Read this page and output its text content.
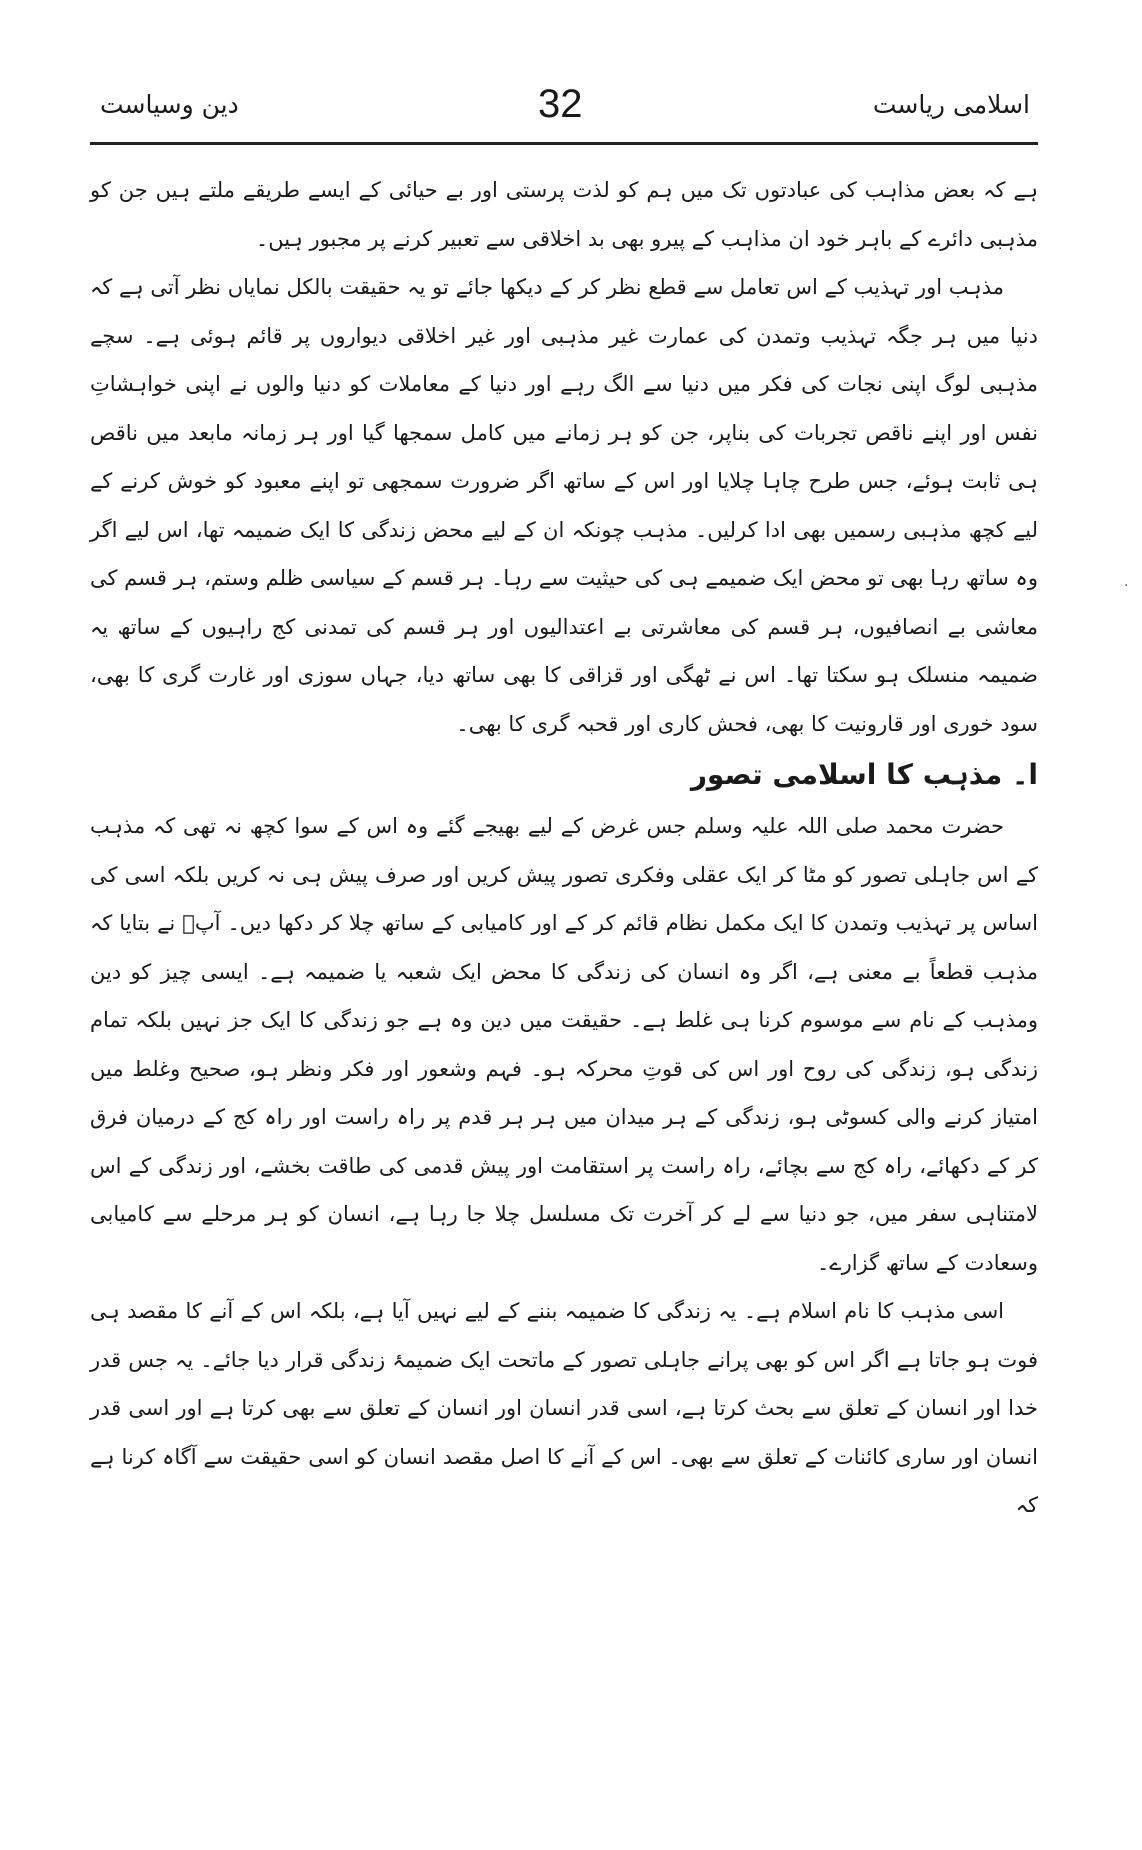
دین وسیاست	32	اسلامی ریاست
·

ہے کہ بعض مذاہب کی عبادتوں تک میں ہم کو لذت پرستی اور بے حیائی کے ایسے طریقے ملتے ہیں جن کو مذہبی دائرے کے باہر خود ان مذاہب کے پیرو بھی بد اخلاقی سے تعبیر کرنے پر مجبور ہیں۔

مذہب اور تہذیب کے اس تعامل سے قطع نظر کر کے دیکھا جائے تو یہ حقیقت بالکل نمایاں نظر آتی ہے کہ دنیا میں ہر جگہ تہذیب وتمدن کی عمارت غیر مذہبی اور غیر اخلاقی دیواروں پر قائم ہوئی ہے۔ سچے مذہبی لوگ اپنی نجات کی فکر میں دنیا سے الگ رہے اور دنیا کے معاملات کو دنیا والوں نے اپنی خواہشاتِ نفس اور اپنے ناقص تجربات کی بناپر، جن کو ہر زمانے میں کامل سمجھا گیا اور ہر زمانہ مابعد میں ناقص ہی ثابت ہوئے، جس طرح چاہا چلایا اور اس کے ساتھ اگر ضرورت سمجھی تو اپنے معبود کو خوش کرنے کے لیے کچھ مذہبی رسمیں بھی ادا کرلیں۔ مذہب چونکہ ان کے لیے محض زندگی کا ایک ضمیمہ تھا، اس لیے اگر وہ ساتھ رہا بھی تو محض ایک ضمیمے ہی کی حیثیت سے رہا۔ ہر قسم کے سیاسی ظلم وستم، ہر قسم کی معاشی بے انصافیوں، ہر قسم کی معاشرتی بے اعتدالیوں اور ہر قسم کی تمدنی کج راہیوں کے ساتھ یہ ضمیمہ منسلک ہو سکتا تھا۔ اس نے ٹھگی اور قزاقی کا بھی ساتھ دیا، جہاں سوزی اور غارت گری کا بھی، سود خوری اور قارونیت کا بھی، فحش کاری اور قحبہ گری کا بھی۔

ا۔ مذہب کا اسلامی تصور

حضرت محمد صلی اللہ علیہ وسلم جس غرض کے لیے بھیجے گئے وہ اس کے سوا کچھ نہ تھی کہ مذہب کے اس جاہلی تصور کو مٹا کر ایک عقلی وفکری تصور پیش کریں اور صرف پیش ہی نہ کریں بلکہ اسی کی اساس پر تہذیب وتمدن کا ایک مکمل نظام قائم کر کے اور کامیابی کے ساتھ چلا کر دکھا دیں۔ آپؐ نے بتایا کہ مذہب قطعاً بے معنی ہے، اگر وہ انسان کی زندگی کا محض ایک شعبہ یا ضمیمہ ہے۔ ایسی چیز کو دین ومذہب کے نام سے موسوم کرنا ہی غلط ہے۔ حقیقت میں دین وہ ہے جو زندگی کا ایک جز نہیں بلکہ تمام زندگی ہو، زندگی کی روح اور اس کی قوتِ محرکہ ہو۔ فہم وشعور اور فکر ونظر ہو، صحیح وغلط میں امتیاز کرنے والی کسوٹی ہو، زندگی کے ہر میدان میں ہر ہر قدم پر راہ راست اور راہ کج کے درمیان فرق کر کے دکھائے، راہ کج سے بچائے، راہ راست پر استقامت اور پیش قدمی کی طاقت بخشے، اور زندگی کے اس لامتناہی سفر میں، جو دنیا سے لے کر آخرت تک مسلسل چلا جا رہا ہے، انسان کو ہر مرحلے سے کامیابی وسعادت کے ساتھ گزارے۔

اسی مذہب کا نام اسلام ہے۔ یہ زندگی کا ضمیمہ بننے کے لیے نہیں آیا ہے، بلکہ اس کے آنے کا مقصد ہی فوت ہو جاتا ہے اگر اس کو بھی پرانے جاہلی تصور کے ماتحت ایک ضمیمۂ زندگی قرار دیا جائے۔ یہ جس قدر خدا اور انسان کے تعلق سے بحث کرتا ہے، اسی قدر انسان اور انسان کے تعلق سے بھی کرتا ہے اور اسی قدر انسان اور ساری کائنات کے تعلق سے بھی۔ اس کے آنے کا اصل مقصد انسان کو اسی حقیقت سے آگاہ کرنا ہے کہ
